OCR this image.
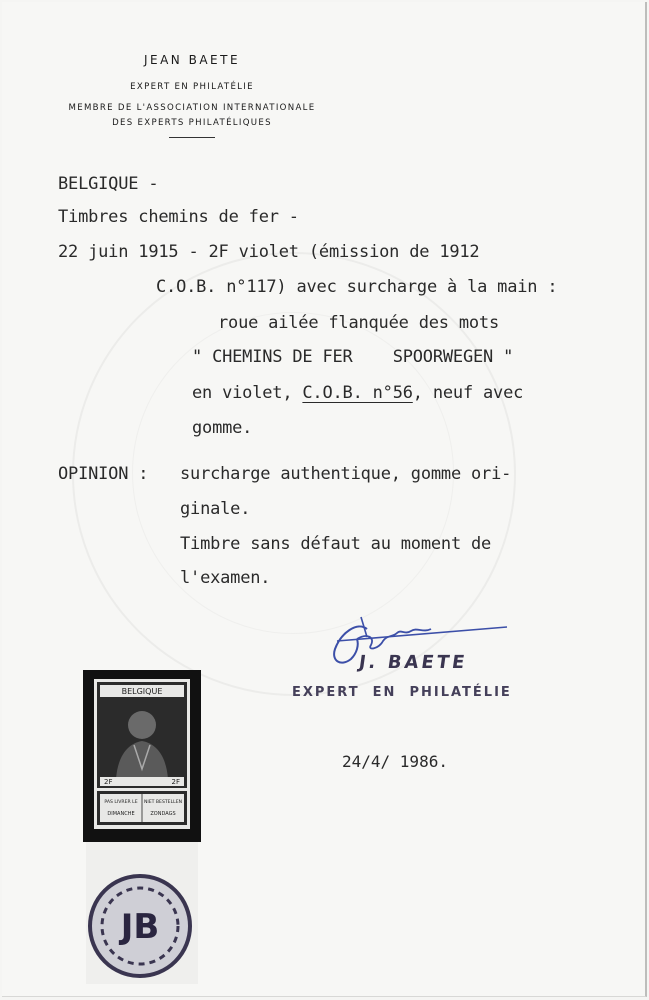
JEAN BAETE
EXPERT EN PHILATÉLIE
MEMBRE DE L'ASSOCIATION INTERNATIONALE
DES EXPERTS PHILATÉLIQUES
BELGIQUE -
Timbres chemins de fer -
22 juin 1915 - 2F violet (émission de 1912
C.O.B. n°117) avec surcharge à la main :
roue ailée flanquée des mots
" CHEMINS DE FER    SPOORWEGEN "
en violet, C.O.B. n°56, neuf avec
gomme.
OPINION : surcharge authentique, gomme ori-
ginale.
Timbre sans défaut au moment de
l'examen.
J. BAETE
EXPERT  EN  PHILATÉLIE
24/4/ 1986.
BELGIQUE
2F	2F
PAS LIVRER LE
DIMANCHE
NIET BESTELLEN
ZONDAGS
JB
